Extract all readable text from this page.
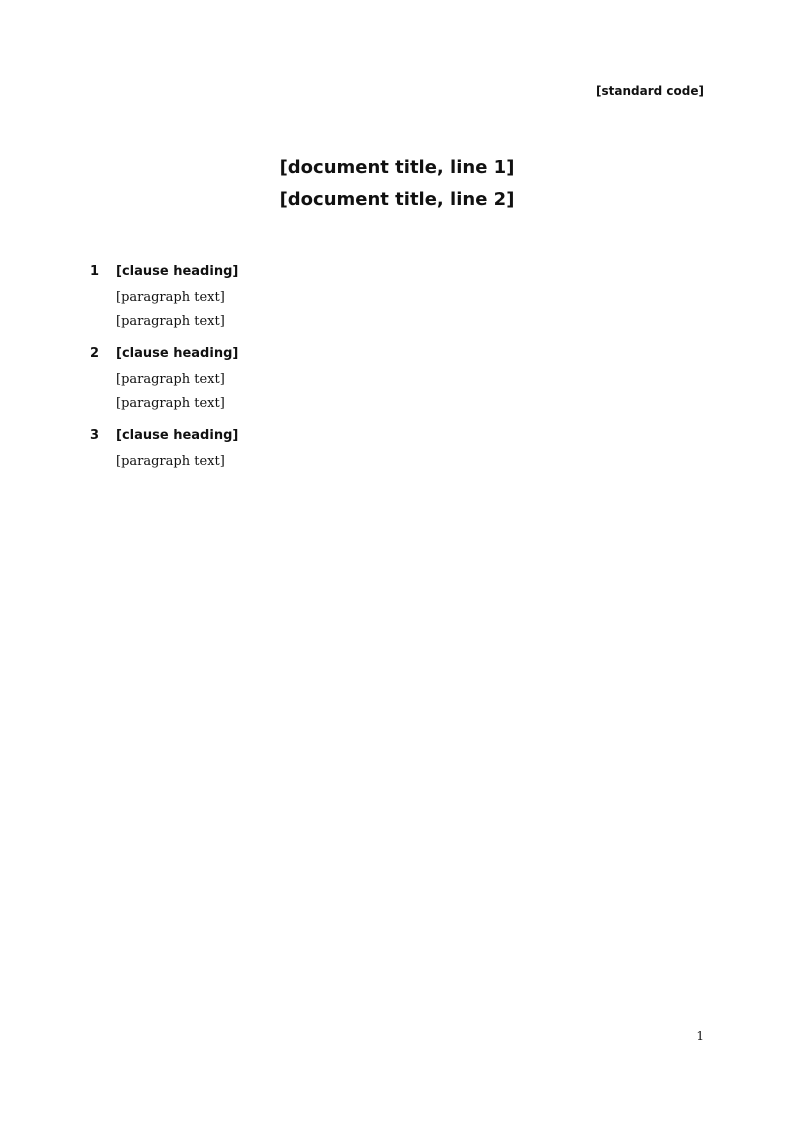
[standard code]
[document title, line 1]
[document title, line 2]
1 [clause heading]

[paragraph text]

[paragraph text]

2 [clause heading]

[paragraph text]

[paragraph text]

3 [clause heading]

[paragraph text]

1
